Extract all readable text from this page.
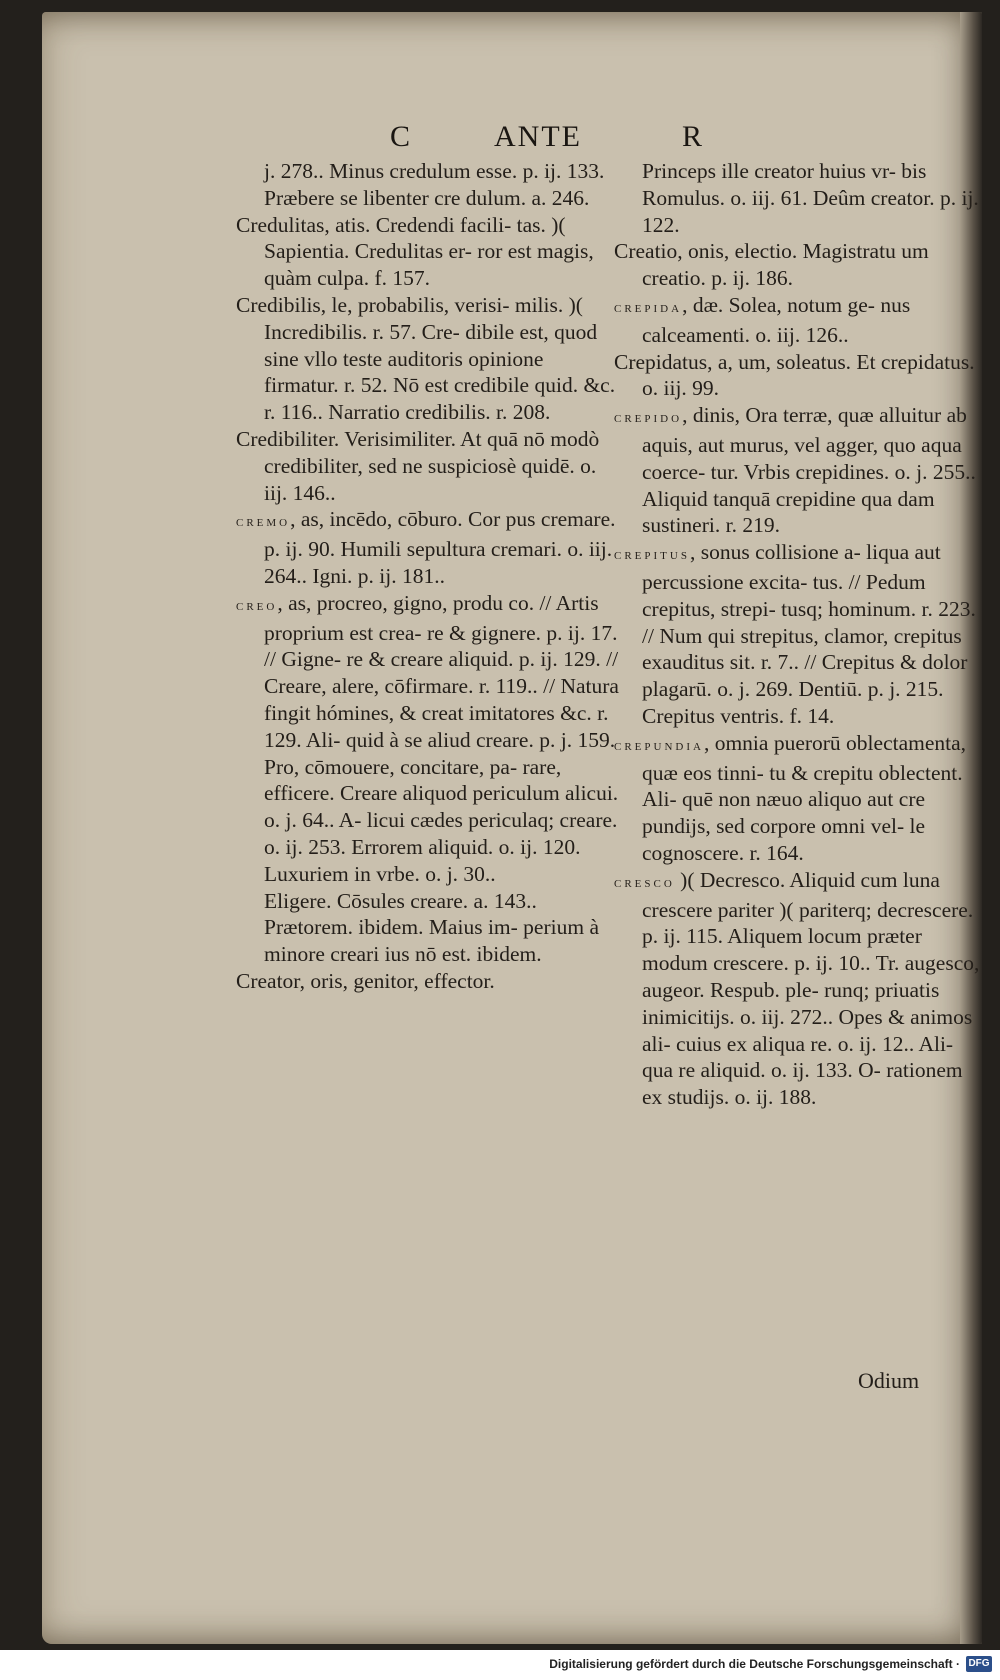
C	ANTE	R

j. 278.. Minus credulum esse. p. ij. 133. Præbere se libenter cre dulum. a. 246.

Credulitas, atis. Credendi facili- tas. )( Sapientia. Credulitas er- ror est magis, quàm culpa. f. 157.

Credibilis, le, probabilis, verisi- milis. )( Incredibilis. r. 57. Cre- dibile est, quod sine vllo teste auditoris opinione firmatur. r. 52. Nō est credibile quid. &c. r. 116.. Narratio credibilis. r. 208.

Credibiliter. Verisimiliter. At quā nō modò credibiliter, sed ne suspiciosè quidē. o. iij. 146..

cremo, as, incēdo, cōburo. Cor pus cremare. p. ij. 90. Humili sepultura cremari. o. iij. 264.. Igni. p. ij. 181..

creo, as, procreo, gigno, produ co. // Artis proprium est crea- re & gignere. p. ij. 17. // Gigne- re & creare aliquid. p. ij. 129. // Creare, alere, cōfirmare. r. 119.. // Natura fingit hómines, & creat imitatores &c. r. 129. Ali- quid à se aliud creare. p. j. 159. Pro, cōmouere, concitare, pa- rare, efficere. Creare aliquod periculum alicui. o. j. 64.. A- licui cædes periculaq; creare. o. ij. 253. Errorem aliquid. o. ij. 120. Luxuriem in vrbe. o. j. 30..

Eligere. Cōsules creare. a. 143.. Prætorem. ibidem. Maius im- perium à minore creari ius nō est. ibidem.

Creator, oris, genitor, effector.

Princeps ille creator huius vr- bis Romulus. o. iij. 61. Deûm creator. p. ij. 122.

Creatio, onis, electio. Magistratu um creatio. p. ij. 186.

crepida, dæ. Solea, notum ge- nus calceamenti. o. iij. 126..

Crepidatus, a, um, soleatus. Et crepidatus. o. iij. 99.

crepido, dinis, Ora terræ, quæ alluitur ab aquis, aut murus, vel agger, quo aqua coerce- tur. Vrbis crepidines. o. j. 255.. Aliquid tanquā crepidine qua dam sustineri. r. 219.

crepitus, sonus collisione a- liqua aut percussione excita- tus. // Pedum crepitus, strepi- tusq; hominum. r. 223. // Num qui strepitus, clamor, crepitus exauditus sit. r. 7.. // Crepitus & dolor plagarū. o. j. 269. Dentiū. p. j. 215. Crepitus ventris. f. 14.

crepundia, omnia puerorū oblectamenta, quæ eos tinni- tu & crepitu oblectent. Ali- quē non næuo aliquo aut cre pundijs, sed corpore omni vel- le cognoscere. r. 164.

cresco )( Decresco. Aliquid cum luna crescere pariter )( pariterq; decrescere. p. ij. 115. Aliquem locum præter modum crescere. p. ij. 10.. Tr. augesco, augeor. Respub. ple- runq; priuatis inimicitijs. o. iij. 272.. Opes & animos ali- cuius ex aliqua re. o. ij. 12.. Ali- qua re aliquid. o. ij. 133. O- rationem ex studijs. o. ij. 188.

Odium
Digitalisierung gefördert durch die Deutsche Forschungsgemeinschaft · DFG
